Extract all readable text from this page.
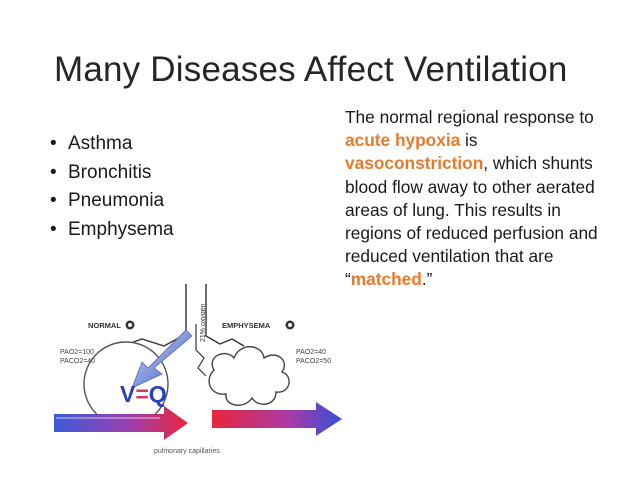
Many Diseases Affect Ventilation
• Asthma
• Bronchitis
• Pneumonia
• Emphysema
The normal regional response to acute hypoxia is vasoconstriction, which shunts blood flow away to other aerated areas of lung. This results in regions of reduced perfusion and reduced ventilation that are “matched.”
NORMAL	EMPHYSEMA
21% oxygen
PAO2=100
PACO2=40
PAO2=40
PACO2=50
V=Q
pulmonary capillaries
